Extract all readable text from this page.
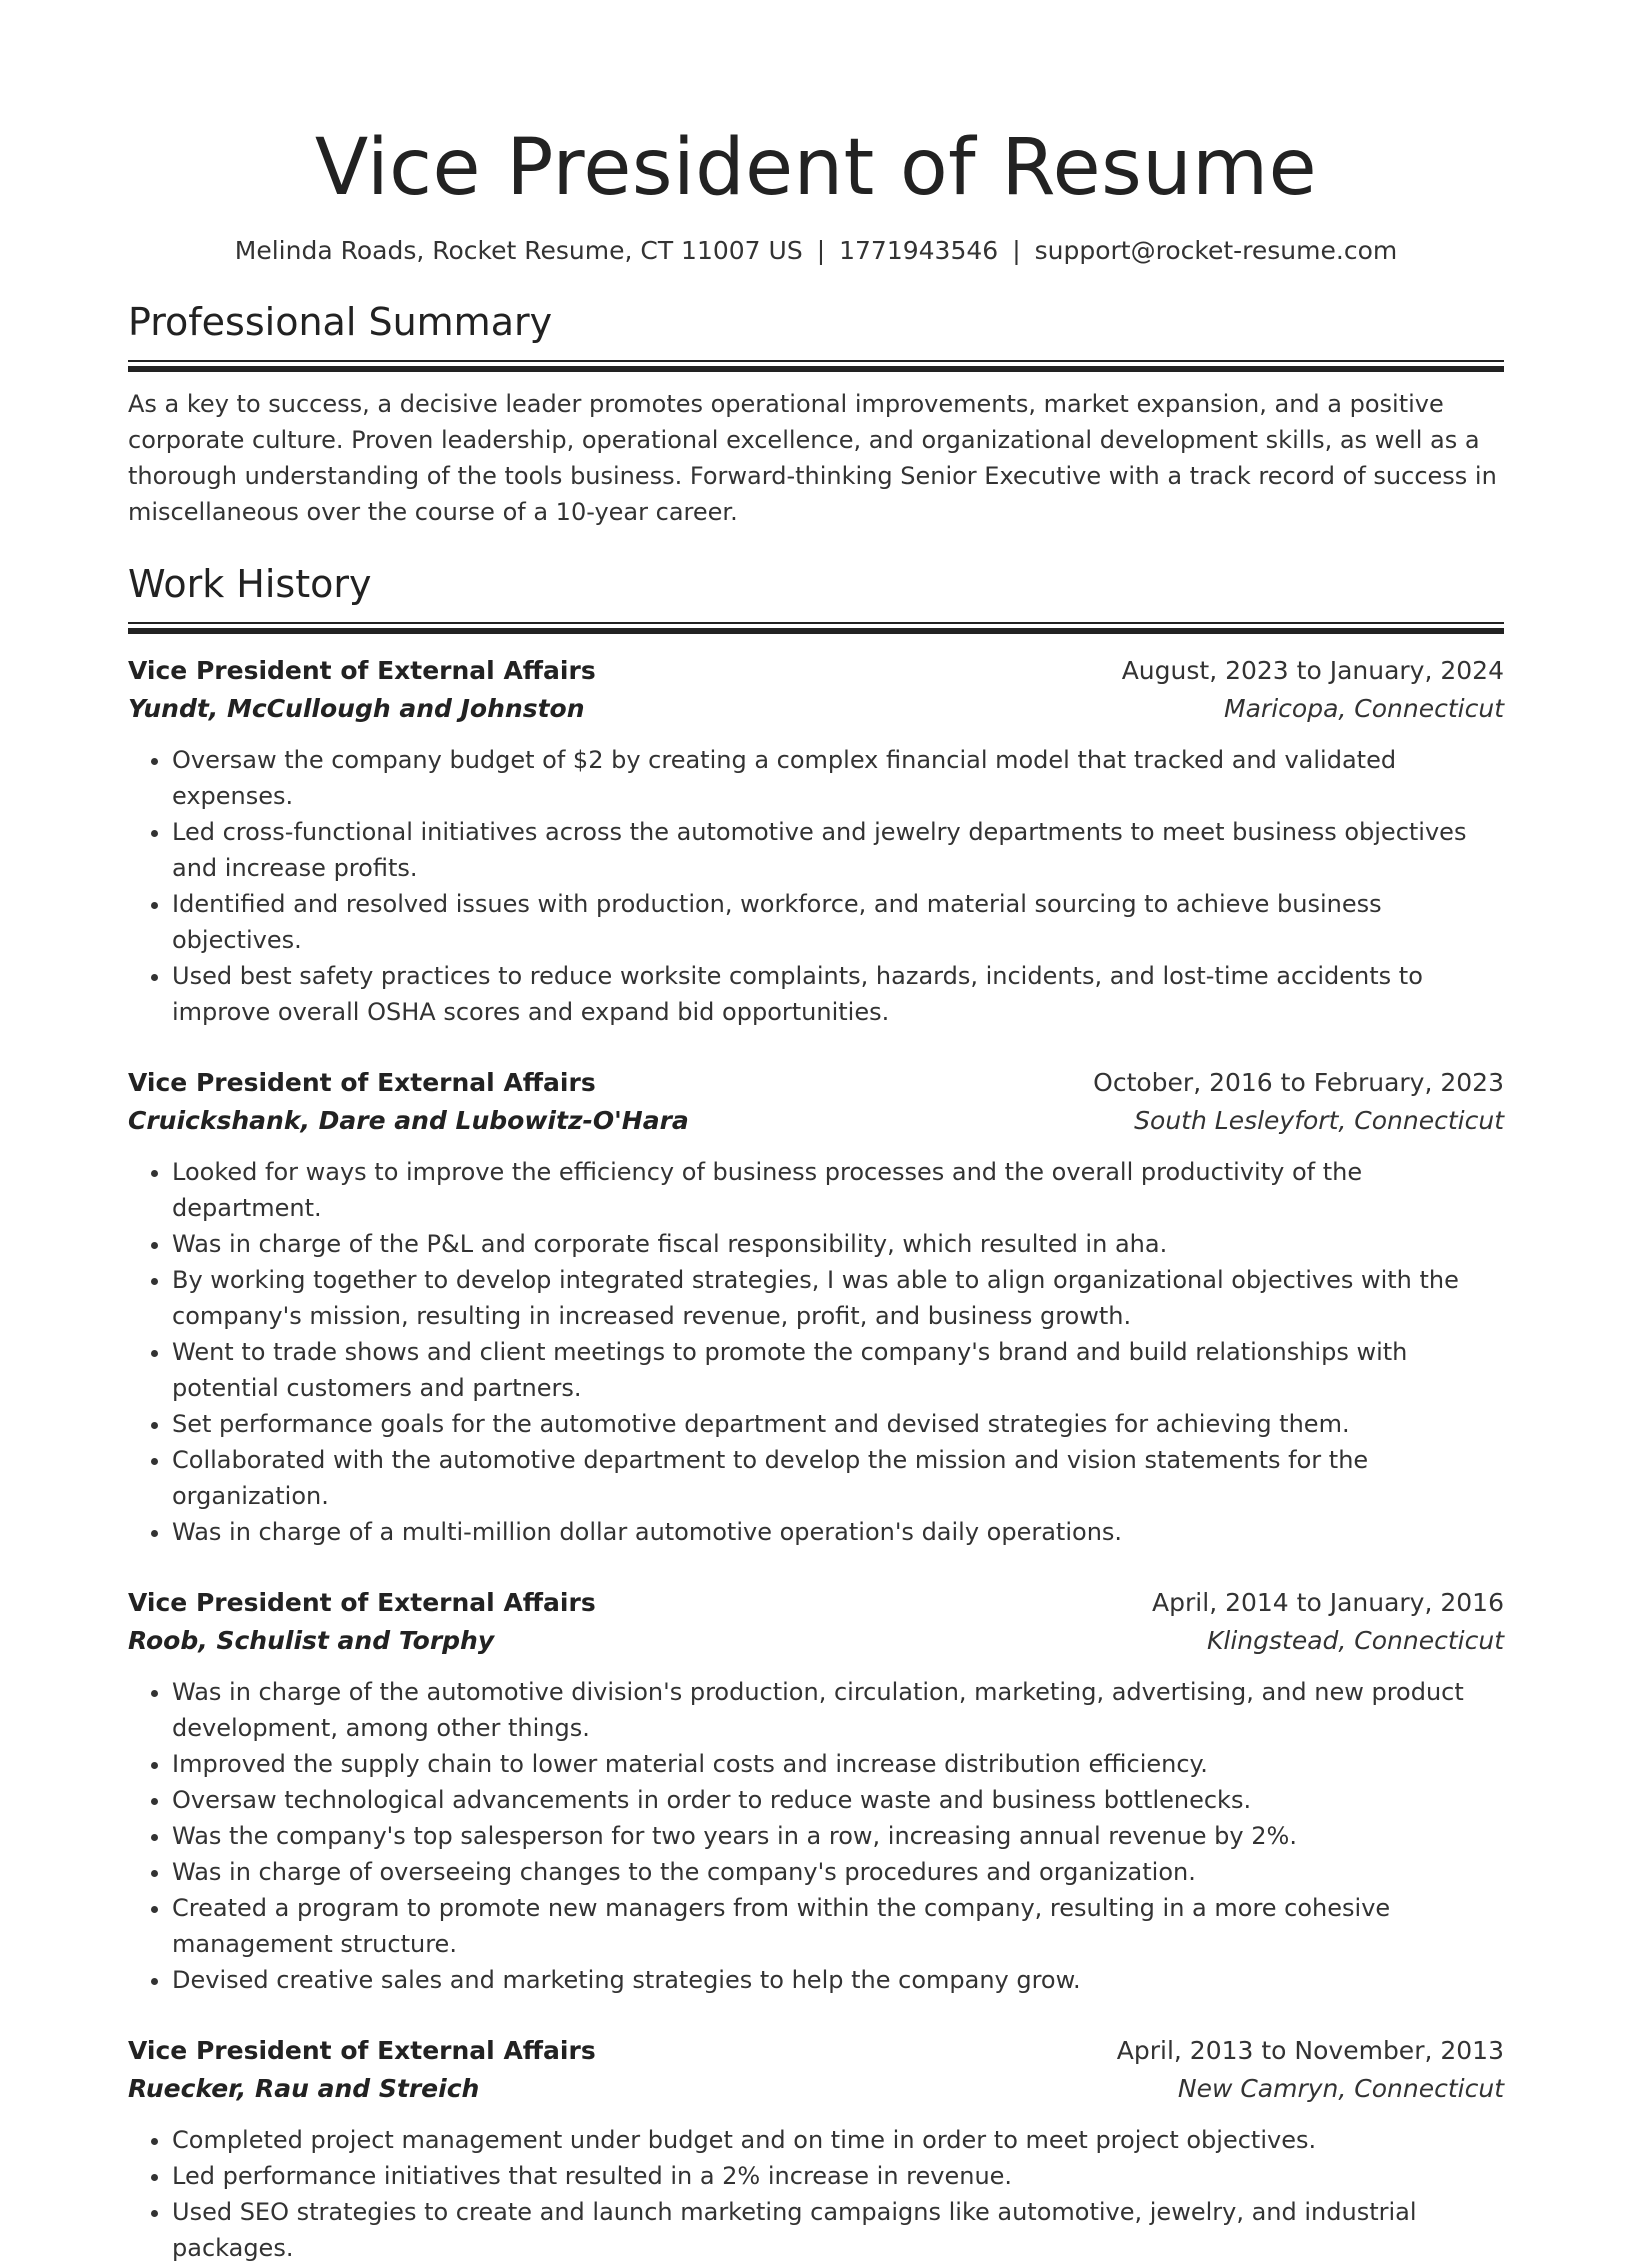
Vice President of Resume
Melinda Roads, Rocket Resume, CT 11007 US | 1771943546 | support@rocket-resume.com
Professional Summary

As a key to success, a decisive leader promotes operational improvements, market expansion, and a positive corporate culture. Proven leadership, operational excellence, and organizational development skills, as well as a thorough understanding of the tools business. Forward-thinking Senior Executive with a track record of success in miscellaneous over the course of a 10-year career.

Work History
Vice President of External Affairs	August, 2023 to January, 2024
Yundt, McCullough and Johnston	Maricopa, Connecticut
• Oversaw the company budget of $2 by creating a complex financial model that tracked and validated expenses.
• Led cross-functional initiatives across the automotive and jewelry departments to meet business objectives and increase profits.
• Identified and resolved issues with production, workforce, and material sourcing to achieve business objectives.
• Used best safety practices to reduce worksite complaints, hazards, incidents, and lost-time accidents to improve overall OSHA scores and expand bid opportunities.
Vice President of External Affairs	October, 2016 to February, 2023
Cruickshank, Dare and Lubowitz-O'Hara	South Lesleyfort, Connecticut
• Looked for ways to improve the efficiency of business processes and the overall productivity of the department.
• Was in charge of the P&L and corporate fiscal responsibility, which resulted in aha.
• By working together to develop integrated strategies, I was able to align organizational objectives with the company's mission, resulting in increased revenue, profit, and business growth.
• Went to trade shows and client meetings to promote the company's brand and build relationships with potential customers and partners.
• Set performance goals for the automotive department and devised strategies for achieving them.
• Collaborated with the automotive department to develop the mission and vision statements for the organization.
• Was in charge of a multi-million dollar automotive operation's daily operations.
Vice President of External Affairs	April, 2014 to January, 2016
Roob, Schulist and Torphy	Klingstead, Connecticut
• Was in charge of the automotive division's production, circulation, marketing, advertising, and new product development, among other things.
• Improved the supply chain to lower material costs and increase distribution efficiency.
• Oversaw technological advancements in order to reduce waste and business bottlenecks.
• Was the company's top salesperson for two years in a row, increasing annual revenue by 2%.
• Was in charge of overseeing changes to the company's procedures and organization.
• Created a program to promote new managers from within the company, resulting in a more cohesive management structure.
• Devised creative sales and marketing strategies to help the company grow.
Vice President of External Affairs	April, 2013 to November, 2013
Ruecker, Rau and Streich	New Camryn, Connecticut
• Completed project management under budget and on time in order to meet project objectives.
• Led performance initiatives that resulted in a 2% increase in revenue.
• Used SEO strategies to create and launch marketing campaigns like automotive, jewelry, and industrial packages.
